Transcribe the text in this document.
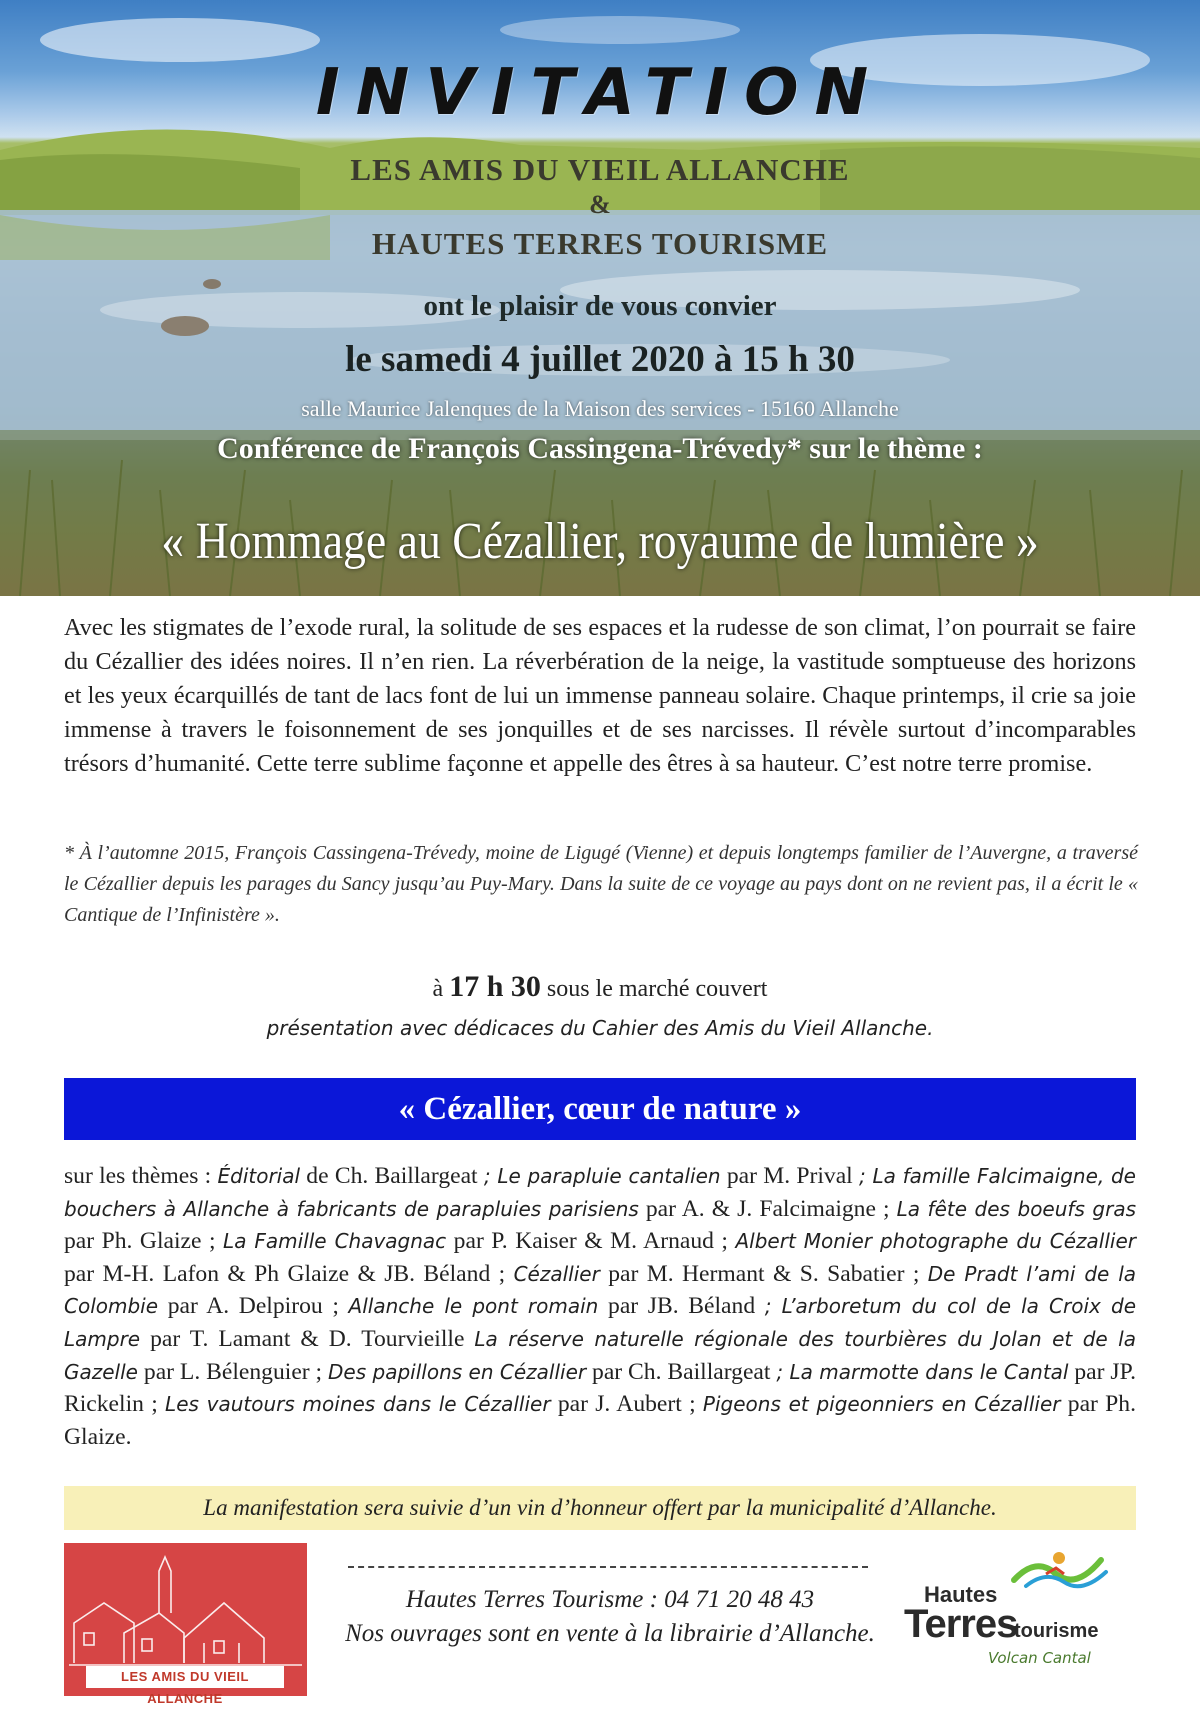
INVITATION
LES AMIS DU VIEIL ALLANCHE
&
HAUTES TERRES TOURISME
ont le plaisir de vous convier
le samedi 4 juillet 2020 à 15 h 30
salle Maurice Jalenques de la Maison des services - 15160 Allanche
Conférence de François Cassingena-Trévedy* sur le thème :
« Hommage au Cézallier, royaume de lumière »

Avec les stigmates de l’exode rural, la solitude de ses espaces et la rudesse de son climat, l’on pourrait se faire du Cézallier des idées noires. Il n’en rien. La réverbération de la neige, la vastitude somptueuse des horizons et les yeux écarquillés de tant de lacs font de lui un immense panneau solaire. Chaque printemps, il crie sa joie immense à travers le foisonnement de ses jonquilles et de ses narcisses. Il révèle surtout d’incomparables trésors d’humanité. Cette terre sublime façonne et appelle des êtres à sa hauteur. C’est notre terre promise.

* À l’automne 2015, François Cassingena-Trévedy, moine de Ligugé (Vienne) et depuis longtemps familier de l’Auvergne, a traversé le Cézallier depuis les parages du Sancy jusqu’au Puy-Mary. Dans la suite de ce voyage au pays dont on ne revient pas, il a écrit le « Cantique de l’Infinistère ».

à 17 h 30 sous le marché couvert
présentation avec dédicaces du Cahier des Amis du Vieil Allanche.
« Cézallier, cœur de nature »

sur les thèmes : Éditorial de Ch. Baillargeat ; Le parapluie cantalien par M. Prival ; La famille Falcimaigne, de bouchers à Allanche à fabricants de parapluies parisiens par A. & J. Falcimaigne ; La fête des boeufs gras par Ph. Glaize ; La Famille Chavagnac par P. Kaiser & M. Arnaud ; Albert Monier photographe du Cézallier par M-H. Lafon & Ph Glaize & JB. Béland ; Cézallier par M. Hermant & S. Sabatier ; De Pradt l’ami de la Colombie par A. Delpirou ; Allanche le pont romain par JB. Béland ; L’arboretum du col de la Croix de Lampre par T. Lamant & D. Tourvieille La réserve naturelle régionale des tourbières du Jolan et de la Gazelle par L. Bélenguier ; Des papillons en Cézallier par Ch. Baillargeat ; La marmotte dans le Cantal par JP. Rickelin ; Les vautours moines dans le Cézallier par J. Aubert ; Pigeons et pigeonniers en Cézallier par Ph. Glaize.

La manifestation sera suivie d’un vin d’honneur offert par la municipalité d’Allanche.
LES AMIS DU VIEIL ALLANCHE
Hautes Terres Tourisme : 04 71 20 48 43
Nos ouvrages sont en vente à la librairie d’Allanche.
Hautes
Terres
tourisme
Volcan Cantal
